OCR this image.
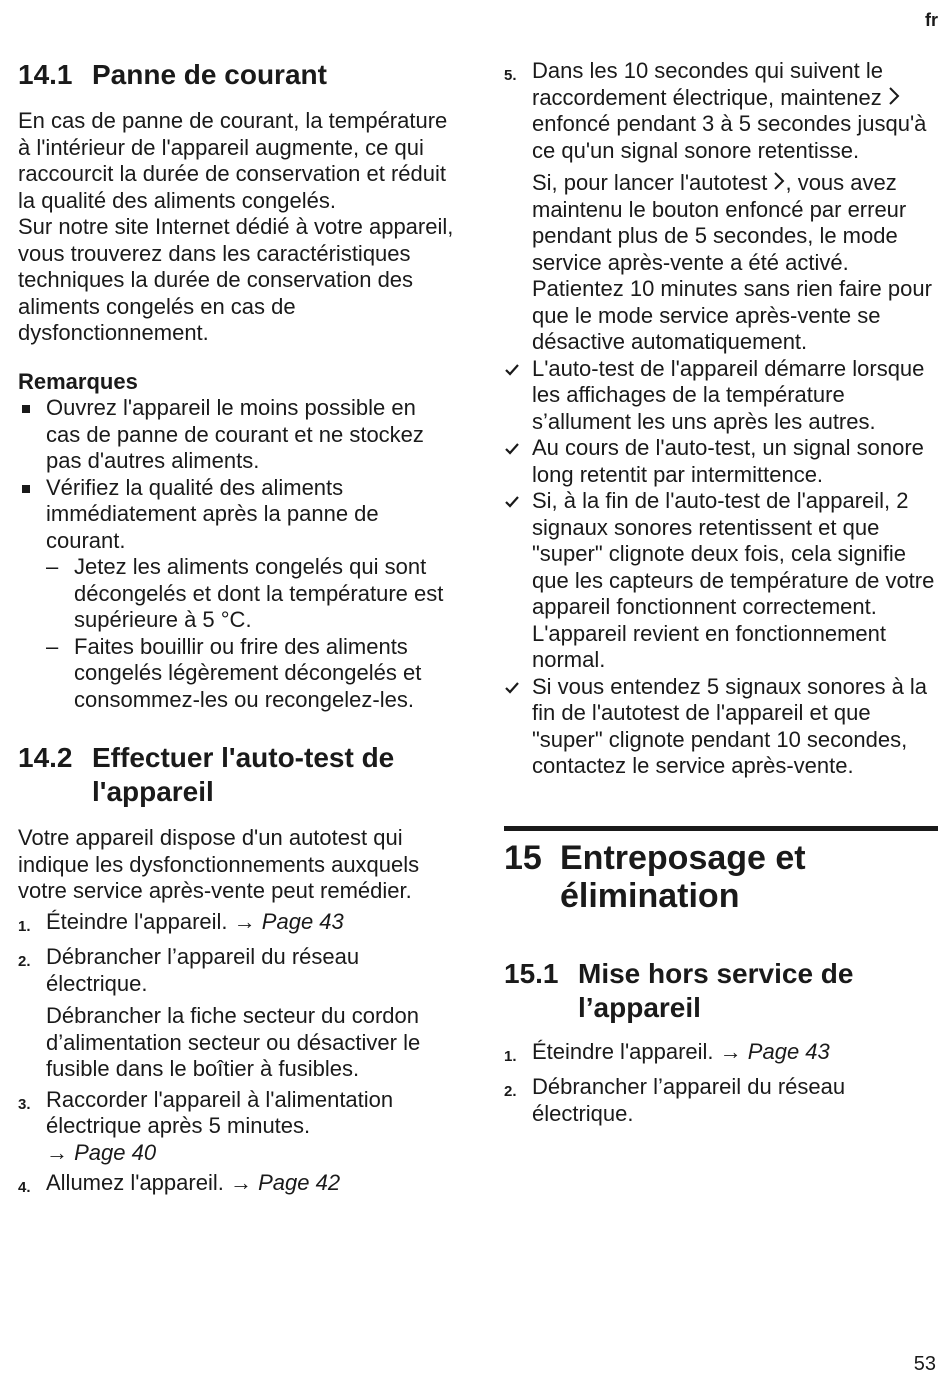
fr
14.1 Panne de courant

En cas de panne de courant, la température à l'intérieur de l'appareil augmente, ce qui raccourcit la durée de conservation et réduit la qualité des aliments congelés.

Sur notre site Internet dédié à votre appareil, vous trouverez dans les caractéristiques techniques la durée de conservation des aliments congelés en cas de dysfonctionnement.

Remarques
Ouvrez l'appareil le moins possible en cas de panne de courant et ne stockez pas d'autres aliments.
Vérifiez la qualité des aliments immédiatement après la panne de courant.
– Jetez les aliments congelés qui sont décongelés et dont la température est supérieure à 5 °C.
– Faites bouillir ou frire des aliments congelés légèrement décongelés et consommez-les ou recongelez-les.
14.2 Effectuer l'auto-test de l'appareil

Votre appareil dispose d'un autotest qui indique les dysfonctionnements auxquels votre service après-vente peut remédier.

1. Éteindre l'appareil. → Page 43
2. Débrancher l’appareil du réseau électrique.

Débrancher la fiche secteur du cordon d’alimentation secteur ou désactiver le fusible dans le boîtier à fusibles.

3. Raccorder l'appareil à l'alimentation électrique après 5 minutes.
→ Page 40
4. Allumez l'appareil. → Page 42
5. Dans les 10 secondes qui suivent le raccordement électrique, maintenez  enfoncé pendant 3 à 5 secondes jusqu'à ce qu'un signal sonore retentisse.

Si, pour lancer l'autotest , vous avez maintenu le bouton enfoncé par erreur pendant plus de 5 secondes, le mode service après-vente a été activé. Patientez 10 minutes sans rien faire pour que le mode service après-vente se désactive automatiquement.

L'auto-test de l'appareil démarre lorsque les affichages de la température s’allument les uns après les autres.
Au cours de l'auto-test, un signal sonore long retentit par intermittence.
Si, à la fin de l'auto-test de l'appareil, 2 signaux sonores retentissent et que "super" clignote deux fois, cela signifie que les capteurs de température de votre appareil fonctionnent correctement. L'appareil revient en fonctionnement normal.
Si vous entendez 5 signaux sonores à la fin de l'autotest de l'appareil et que "super" clignote pendant 10 secondes, contactez le service après-vente.
15 Entreposage et élimination
15.1 Mise hors service de l’appareil
1. Éteindre l'appareil. → Page 43
2. Débrancher l’appareil du réseau électrique.
53
